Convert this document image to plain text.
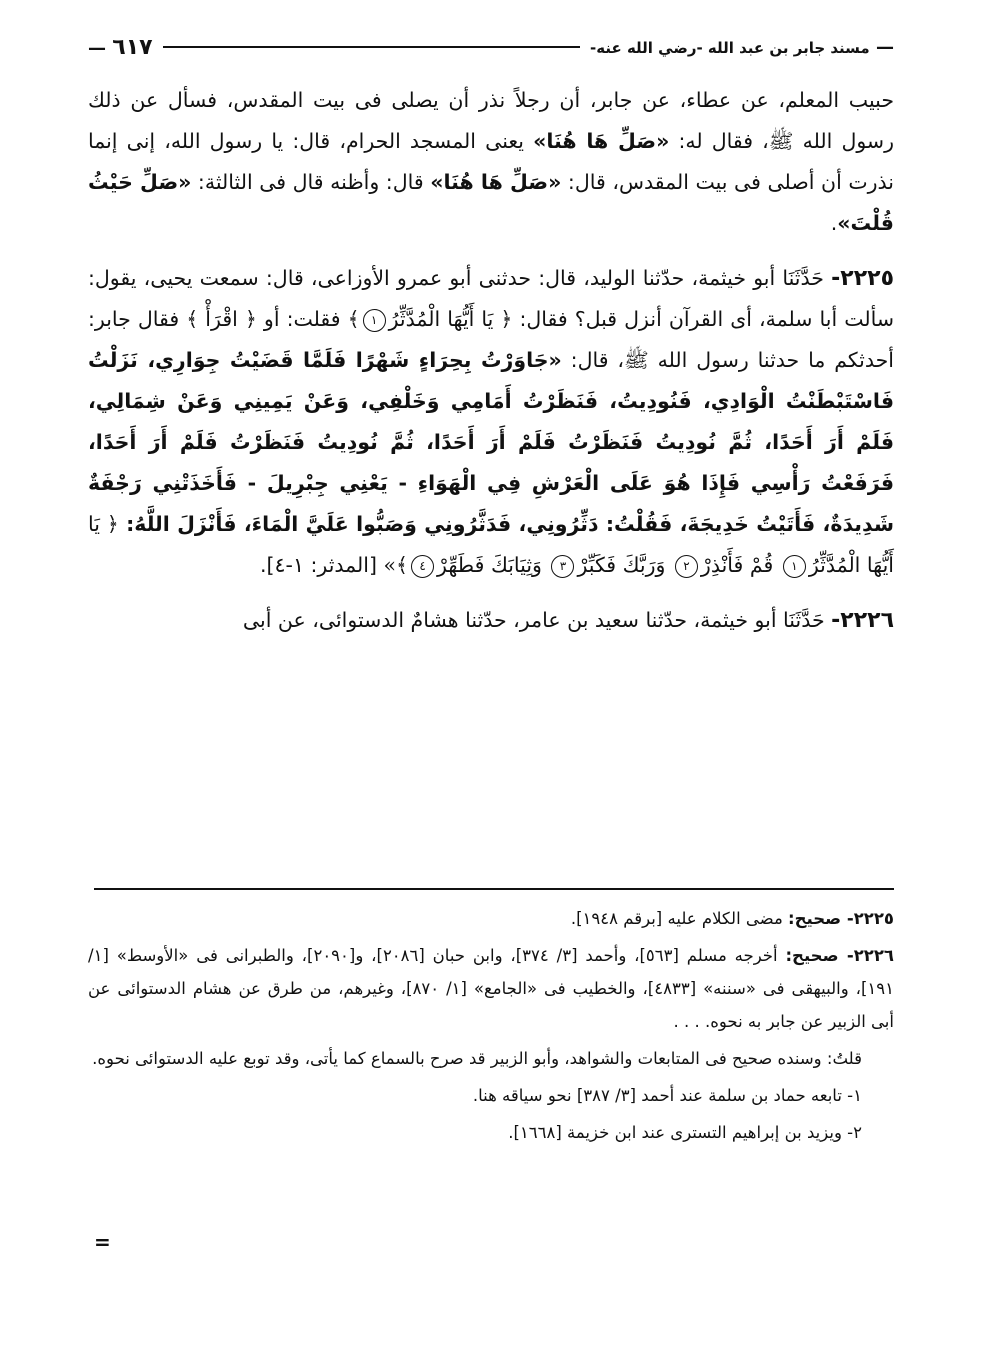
— مسند جابر بن عبد الله -رضي الله عنه-
٦١٧ —

حبيب المعلم، عن عطاء، عن جابر، أن رجلاً نذر أن يصلى فى بيت المقدس، فسأل عن ذلك رسول الله ﷺ، فقال له: «صَلِّ هَا هُنَا» يعنى المسجد الحرام، قال: يا رسول الله، إنى إنما نذرت أن أصلى فى بيت المقدس، قال: «صَلِّ هَا هُنَا» قال: وأظنه قال فى الثالثة: «صَلِّ حَيْثُ قُلْتَ».

٢٢٢٥- حَدَّثَنَا أبو خيثمة، حدّثنا الوليد، قال: حدثنى أبو عمرو الأوزاعى، قال: سمعت يحيى، يقول: سألت أبا سلمة، أى القرآن أنزل قبل؟ فقال: ﴿ يَا أَيُّهَا الْمُدَّثِّرُ١﴾ فقلت: أو ﴿ اقْرَأْ ﴾ فقال جابر: أحدثكم ما حدثنا رسول الله ﷺ، قال: «جَاوَرْتُ بِحِرَاءٍ شَهْرًا فَلَمَّا قَضَيْتُ جِوَارِي، نَزَلْتُ فَاسْتَبْطَنْتُ الْوَادِي، فَنُودِيتُ، فَنَظَرْتُ أَمَامِي وَخَلْفِي، وَعَنْ يَمِينِي وَعَنْ شِمَالِي، فَلَمْ أَرَ أَحَدًا، ثُمَّ نُودِيتُ فَنَظَرْتُ فَلَمْ أَرَ أَحَدًا، ثُمَّ نُودِيتُ فَنَظَرْتُ فَلَمْ أَرَ أَحَدًا، فَرَفَعْتُ رَأْسِي فَإِذَا هُوَ عَلَى الْعَرْشِ فِي الْهَوَاءِ - يَعْنِي جِبْرِيلَ - فَأَخَذَتْنِي رَجْفَةٌ شَدِيدَةٌ، فَأَتَيْتُ خَدِيجَةَ، فَقُلْتُ: دَثِّرُونِي، فَدَثَّرُونِي وَصَبُّوا عَلَيَّ الْمَاءَ، فَأَنْزَلَ اللَّهُ: ﴿ يَا أَيُّهَا الْمُدَّثِّرُ١ قُمْ فَأَنْذِرْ٢ وَرَبَّكَ فَكَبِّرْ٣ وَثِيَابَكَ فَطَهِّرْ٤﴾» [المدثر: ١-٤].

٢٢٢٦- حَدَّثَنَا أبو خيثمة، حدّثنا سعيد بن عامر، حدّثنا هشامٌ الدستوائى، عن أبى

٢٢٢٥- صحيح: مضى الكلام عليه [برقم ١٩٤٨].

٢٢٢٦- صحيح: أخرجه مسلم [٥٦٣]، وأحمد [٣/ ٣٧٤]، وابن حبان [٢٠٨٦]، و[٢٠٩٠]، والطبرانى فى «الأوسط» [١/ ١٩١]، والبيهقى فى «سننه» [٤٨٣٣]، والخطيب فى «الجامع» [١/ ٨٧٠]، وغيرهم، من طرق عن هشام الدستوائى عن أبى الزبير عن جابر به نحوه. . . .

قلتُ: وسنده صحيح فى المتابعات والشواهد، وأبو الزبير قد صرح بالسماع كما يأتى، وقد توبع عليه الدستوائى نحوه.

١- تابعه حماد بن سلمة عند أحمد [٣/ ٣٨٧] نحو سياقه هنا.

٢- ويزيد بن إبراهيم التسترى عند ابن خزيمة [١٦٦٨].

=
